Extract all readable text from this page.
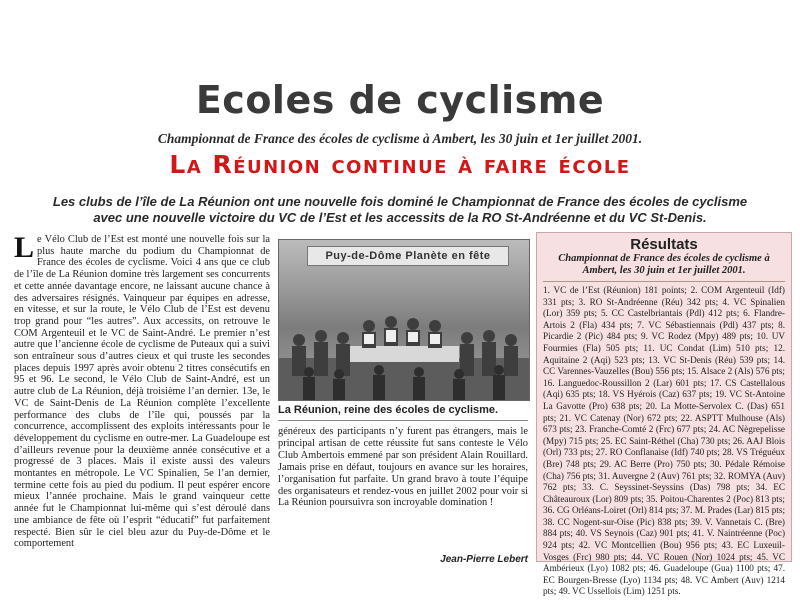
Ecoles de cyclisme
Championnat de France des écoles de cyclisme à Ambert, les 30 juin et 1er juillet 2001.
La Réunion continue à faire école
Les clubs de l’île de La Réunion ont une nouvelle fois dominé le Championnat de France des écoles de cyclisme avec une nouvelle victoire du VC de l’Est et les accessits de la RO St-Andréenne et du VC St-Denis.
Le Vélo Club de l’Est est monté une nouvelle fois sur la plus haute marche du podium du Championnat de France des écoles de cyclisme. Voici 4 ans que ce club de l’île de La Réunion domine très largement ses concurrents et cette année davantage encore, ne laissant aucune chance à des adversaires résignés. Vainqueur par équipes en adresse, en vitesse, et sur la route, le Vélo Club de l’Est est devenu trop grand pour “les autres”. Aux accessits, on retrouve le COM Argenteuil et le VC de Saint-André. Le premier n’est autre que l’ancienne école de cyclisme de Puteaux qui a suivi son entraîneur sous d’autres cieux et qui truste les secondes places depuis 1997 après avoir obtenu 2 titres consécutifs en 95 et 96. Le second, le Vélo Club de Saint-André, est un autre club de La Réunion, déjà troisième l’an dernier. 13e, le VC de Saint-Denis de La Réunion complète l’excellente performance des clubs de l’île qui, poussés par la concurrence, accomplissent des exploits intéressants pour le développement du cyclisme en outre-mer. La Guadeloupe est d’ailleurs revenue pour la deuxième année consécutive et a progressé de 3 places. Mais il existe aussi des valeurs montantes en métropole. Le VC Spinalien, 5e l’an dernier, termine cette fois au pied du podium. Il peut espérer encore mieux l’année prochaine. Mais le grand vainqueur cette année fut le Championnat lui-même qui s’est déroulé dans une ambiance de fête où l’esprit “éducatif” fut parfaitement respecté. Bien sûr le ciel bleu azur du Puy-de-Dôme et le comportement
Puy-de-Dôme Planète en fête
La Réunion, reine des écoles de cyclisme.
généreux des participants n’y furent pas étrangers, mais le principal artisan de cette réussite fut sans conteste le Vélo Club Ambertois emmené par son président Alain Rouillard. Jamais prise en défaut, toujours en avance sur les horaires, l’organisation fut parfaite. Un grand bravo à toute l’équipe des organisateurs et rendez-vous en juillet 2002 pour voir si La Réunion poursuivra son incroyable domination !
Jean-Pierre Lebert
Résultats
Championnat de France des écoles de cyclisme à Ambert, les 30 juin et 1er juillet 2001.
1. VC de l’Est (Réunion) 181 points; 2. COM Argenteuil (Idf) 331 pts; 3. RO St-Andréenne (Réu) 342 pts; 4. VC Spinalien (Lor) 359 pts; 5. CC Castelbriantais (Pdl) 412 pts; 6. Flandre-Artois 2 (Fla) 434 pts; 7. VC Sébastiennais (Pdl) 437 pts; 8. Picardie 2 (Pic) 484 pts; 9. VC Rodez (Mpy) 489 pts; 10. UV Fourmies (Fla) 505 pts; 11. UC Condat (Lim) 510 pts; 12. Aquitaine 2 (Aqi) 523 pts; 13. VC St-Denis (Réu) 539 pts; 14. CC Varennes-Vauzelles (Bou) 556 pts; 15. Alsace 2 (Als) 576 pts; 16. Languedoc-Roussillon 2 (Lar) 601 pts; 17. CS Castellalous (Aqi) 635 pts; 18. VS Hyérois (Caz) 637 pts; 19. VC St-Antoine La Gavotte (Pro) 638 pts; 20. La Motte-Servolex C. (Das) 651 pts; 21. VC Catenay (Nor) 672 pts; 22. ASPTT Mulhouse (Als) 673 pts; 23. Franche-Comté 2 (Frc) 677 pts; 24. AC Nègrepelisse (Mpy) 715 pts; 25. EC Saint-Réthel (Cha) 730 pts; 26. AAJ Blois (Orl) 733 pts; 27. RO Conflanaise (Idf) 740 pts; 28. VS Tréguéux (Bre) 748 pts; 29. AC Berre (Pro) 750 pts; 30. Pédale Rémoise (Cha) 756 pts; 31. Auvergne 2 (Auv) 761 pts; 32. ROMYA (Auv) 762 pts; 33. C. Seyssinet-Seyssins (Das) 798 pts; 34. EC Châteauroux (Lor) 809 pts; 35. Poitou-Charentes 2 (Poc) 813 pts; 36. CG Orléans-Loiret (Orl) 814 pts; 37. M. Prades (Lar) 815 pts; 38. CC Nogent-sur-Oise (Pic) 838 pts; 39. V. Vannetais C. (Bre) 884 pts; 40. VS Seynois (Caz) 901 pts; 41. V. Naintréenne (Poc) 924 pts; 42. VC Montcellien (Bou) 956 pts; 43. EC Luxeuil-Vosges (Frc) 980 pts; 44. VC Rouen (Nor) 1024 pts; 45. VC Ambérieux (Lyo) 1082 pts; 46. Guadeloupe (Gua) 1100 pts; 47. EC Bourgen-Bresse (Lyo) 1134 pts; 48. VC Ambert (Auv) 1214 pts; 49. VC Ussellois (Lim) 1251 pts.
